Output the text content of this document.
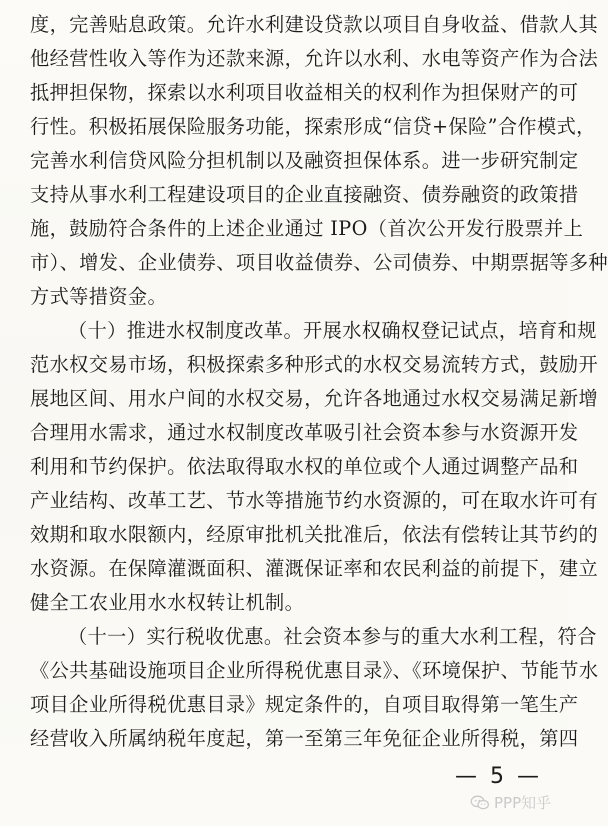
度，完善贴息政策。允许水利建设贷款以项目自身收益、借款人其
他经营性收入等作为还款来源，允许以水利、水电等资产作为合法
抵押担保物，探索以水利项目收益相关的权利作为担保财产的可
行性。积极拓展保险服务功能，探索形成“信贷+保险”合作模式，
完善水利信贷风险分担机制以及融资担保体系。进一步研究制定
支持从事水利工程建设项目的企业直接融资、债券融资的政策措
施，鼓励符合条件的上述企业通过 IPO（首次公开发行股票并上
市）、增发、企业债券、项目收益债券、公司债券、中期票据等多种
方式等措资金。
（十）推进水权制度改革。开展水权确权登记试点，培育和规
范水权交易市场，积极探索多种形式的水权交易流转方式，鼓励开
展地区间、用水户间的水权交易，允许各地通过水权交易满足新增
合理用水需求，通过水权制度改革吸引社会资本参与水资源开发
利用和节约保护。依法取得取水权的单位或个人通过调整产品和
产业结构、改革工艺、节水等措施节约水资源的，可在取水许可有
效期和取水限额内，经原审批机关批准后，依法有偿转让其节约的
水资源。在保障灌溉面积、灌溉保证率和农民利益的前提下，建立
健全工农业用水水权转让机制。
（十一）实行税收优惠。社会资本参与的重大水利工程，符合
《公共基础设施项目企业所得税优惠目录》、《环境保护、节能节水
项目企业所得税优惠目录》规定条件的，自项目取得第一笔生产
经营收入所属纳税年度起，第一至第三年免征企业所得税，第四
— 5 —
PPP知乎
